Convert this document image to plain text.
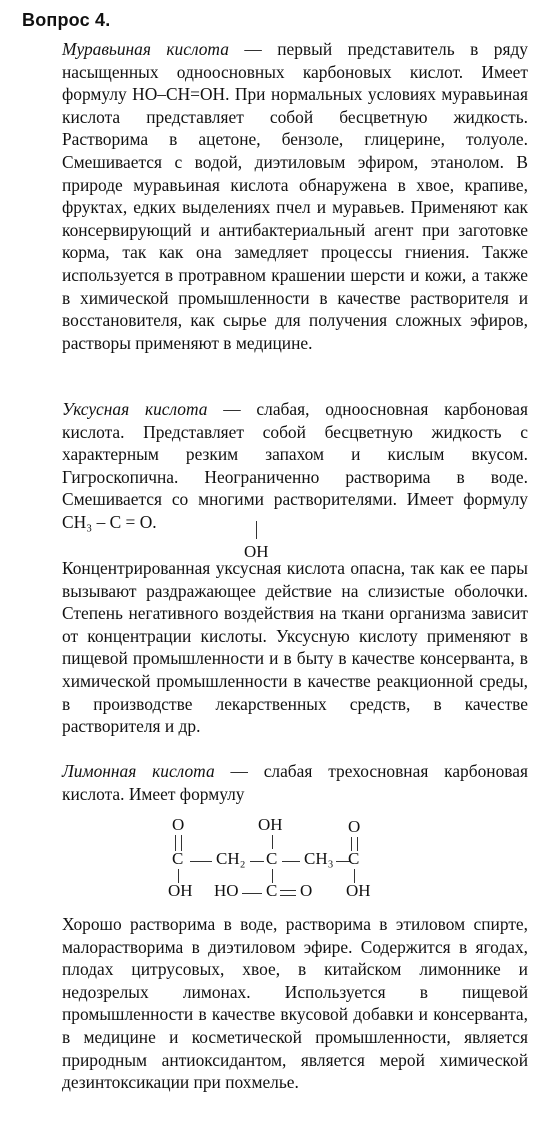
Вопрос 4.

Муравьиная кислота — первый представитель в ряду насыщенных одноосновных карбоновых кислот. Имеет формулу HO–CH=OH. При нормальных условиях муравьиная кислота представляет собой бесцветную жидкость. Растворима в ацетоне, бензоле, глицерине, толуоле. Смешивается с водой, диэтиловым эфиром, этанолом. В природе муравьиная кислота обнаружена в хвое, крапиве, фруктах, едких выделениях пчел и муравьев. Применяют как консервирующий и антибактериальный агент при заготовке корма, так как она замедляет процессы гниения. Также используется в протравном крашении шерсти и кожи, а также в химической промышленности в качестве растворителя и восстановителя, как сырье для получения сложных эфиров, растворы применяют в медицине.

Уксусная кислота — слабая, одноосновная карбоновая кислота. Представляет собой бесцветную жидкость с характерным резким запахом и кислым вкусом. Гигроскопична. Неограниченно растворима в воде. Смешивается со многими растворителями. Имеет формулу CH₃ – C = O.

OH

Концентрированная уксусная кислота опасна, так как ее пары вызывают раздражающее действие на слизистые оболочки. Степень негативного воздействия на ткани организма зависит от концентрации кислоты. Уксусную кислоту применяют в пищевой промышленности и в быту в качестве консерванта, в химической промышленности в качестве реакционной среды, в производстве лекарственных средств, в качестве растворителя и др.

Лимонная кислота — слабая трехосновная карбоновая кислота. Имеет формулу

O
C
OH
CH₂
OH
C CH₃
O
C
OH
HO C O

Хорошо растворима в воде, растворима в этиловом спирте, малорастворима в диэтиловом эфире. Содержится в ягодах, плодах цитрусовых, хвое, в китайском лимоннике и недозрелых лимонах. Используется в пищевой промышленности в качестве вкусовой добавки и консерванта, в медицине и косметической промышленности, является природным антиоксидантом, является мерой химической дезинтоксикации при похмелье.
